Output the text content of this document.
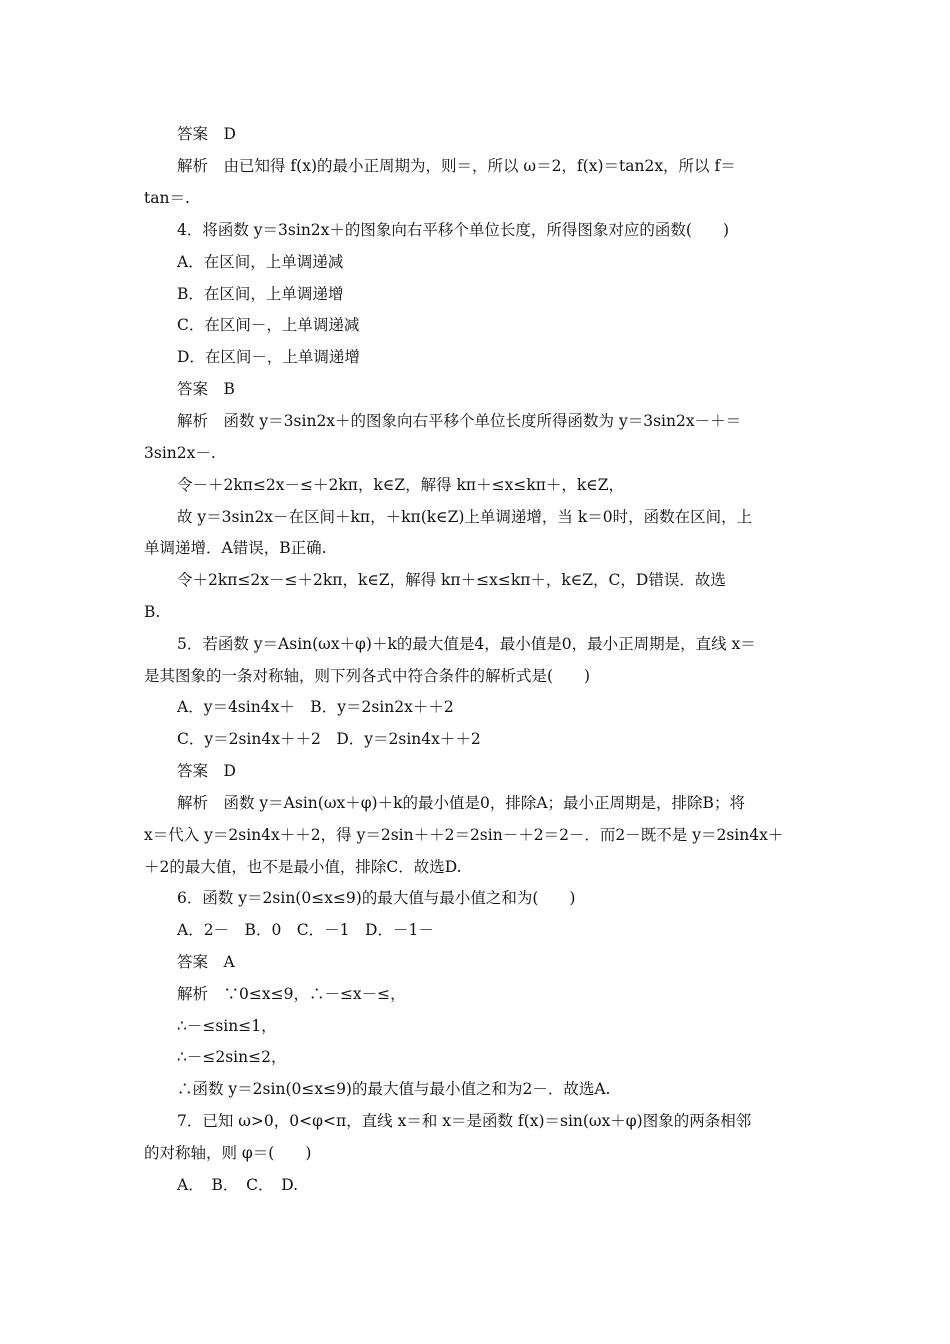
答案　D
解析　由已知得 f(x)的最小正周期为，则＝，所以 ω＝2，f(x)＝tan2x，所以 f＝
tan＝.
4．将函数 y＝3sin2x＋的图象向右平移个单位长度，所得图象对应的函数(　　)
A．在区间，上单调递减
B．在区间，上单调递增
C．在区间－，上单调递减
D．在区间－，上单调递增
答案　B
解析　函数 y＝3sin2x＋的图象向右平移个单位长度所得函数为 y＝3sin2x－＋＝
3sin2x－.
令－＋2kπ≤2x－≤＋2kπ，k∈Z，解得 kπ＋≤x≤kπ＋，k∈Z，
故 y＝3sin2x－在区间＋kπ，＋kπ(k∈Z)上单调递增，当 k＝0时，函数在区间，上
单调递增．A错误，B正确.
令＋2kπ≤2x－≤＋2kπ，k∈Z，解得 kπ＋≤x≤kπ＋，k∈Z，C，D错误．故选
B.
5．若函数 y＝Asin(ωx＋φ)＋k的最大值是4，最小值是0，最小正周期是，直线 x＝
是其图象的一条对称轴，则下列各式中符合条件的解析式是(　　)
A．y＝4sin4x＋　B．y＝2sin2x＋＋2
C．y＝2sin4x＋＋2　D．y＝2sin4x＋＋2
答案　D
解析　函数 y＝Asin(ωx＋φ)＋k的最小值是0，排除A；最小正周期是，排除B；将
x＝代入 y＝2sin4x＋＋2，得 y＝2sin＋＋2＝2sin－＋2＝2－．而2－既不是 y＝2sin4x＋
＋2的最大值，也不是最小值，排除C．故选D.
6．函数 y＝2sin(0≤x≤9)的最大值与最小值之和为(　　)
A．2－　B．0　C．－1　D．－1－
答案　A
解析　∵0≤x≤9，∴－≤x－≤，
∴－≤sin≤1，
∴－≤2sin≤2，
∴函数 y＝2sin(0≤x≤9)的最大值与最小值之和为2－．故选A.
7．已知 ω>0，0<φ<π，直线 x＝和 x＝是函数 f(x)＝sin(ωx＋φ)图象的两条相邻
的对称轴，则 φ＝(　　)
A．　B．　C．　D.
